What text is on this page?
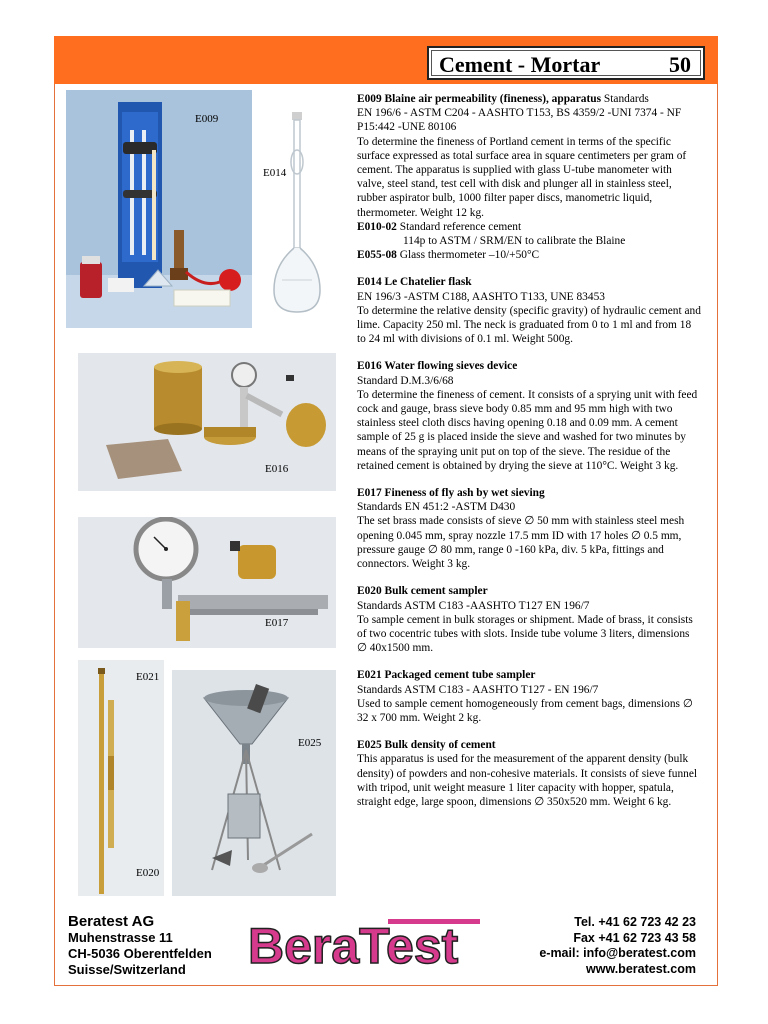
Cement - Mortar	50
E009
E014
E016
E017
E021
E020
E025

E009 Blaine air permeability (fineness), apparatus Standards

EN 196/6 - ASTM C204 - AASHTO T153, BS 4359/2 -UNI 7374 - NF P15:442 -UNE 80106

To determine the fineness of Portland cement in terms of the specific surface expressed as total surface area in square centimeters per gram of cement. The apparatus is supplied with glass U-tube manometer with valve, steel stand, test cell with disk and plunger all in stainless steel, rubber aspirator bulb, 1000 filter paper discs, manometric liquid, thermometer. Weight 12 kg.

E010-02 Standard reference cement

114p to ASTM / SRM/EN to calibrate the Blaine

E055-08 Glass thermometer –10/+50°C

E014 Le Chatelier flask

EN 196/3 -ASTM C188, AASHTO T133, UNE 83453

To determine the relative density (specific gravity) of hydraulic cement and lime. Capacity 250 ml. The neck is graduated from 0 to 1 ml and from 18 to 24 ml with divisions of 0.1 ml. Weight 500g.

E016 Water flowing sieves device

Standard D.M.3/6/68

To determine the fineness of cement. It consists of a sprying unit with feed cock and gauge, brass sieve body 0.85 mm and 95 mm high with two stainless steel cloth discs having opening 0.18 and 0.09 mm. A cement sample of 25 g is placed inside the sieve and washed for two minutes by means of the spraying unit put on top of the sieve. The residue of the retained cement is obtained by drying the sieve at 110°C. Weight 3 kg.

E017 Fineness of fly ash by wet sieving

Standards EN 451:2 -ASTM D430

The set brass made consists of sieve ∅ 50 mm with stainless steel mesh opening 0.045 mm, spray nozzle 17.5 mm ID with 17 holes ∅ 0.5 mm, pressure gauge ∅ 80 mm, range 0 -160 kPa, div. 5 kPa, fittings and connectors. Weight 3 kg.

E020 Bulk cement sampler

Standards ASTM C183 -AASHTO T127 EN 196/7

To sample cement in bulk storages or shipment. Made of brass, it consists of two cocentric tubes with slots. Inside tube volume 3 liters, dimensions ∅ 40x1500 mm.

E021 Packaged cement tube sampler

Standards ASTM C183 - AASHTO T127 - EN 196/7

Used to sample cement homogeneously from cement bags, dimensions ∅ 32 x 700 mm. Weight 2 kg.

E025 Bulk density of cement

This apparatus is used for the measurement of the apparent density (bulk density) of powders and non-cohesive materials. It consists of sieve funnel with tripod, unit weight measure 1 liter capacity with hopper, spatula, straight edge, large spoon, dimensions ∅ 350x520 mm. Weight 6 kg.

Beratest AG
Muhenstrasse 11
CH-5036 Oberentfelden
Suisse/Switzerland	BeraTest	Tel. +41 62 723 42 23
Fax +41 62 723 43 58
e-mail: info@beratest.com
www.beratest.com
